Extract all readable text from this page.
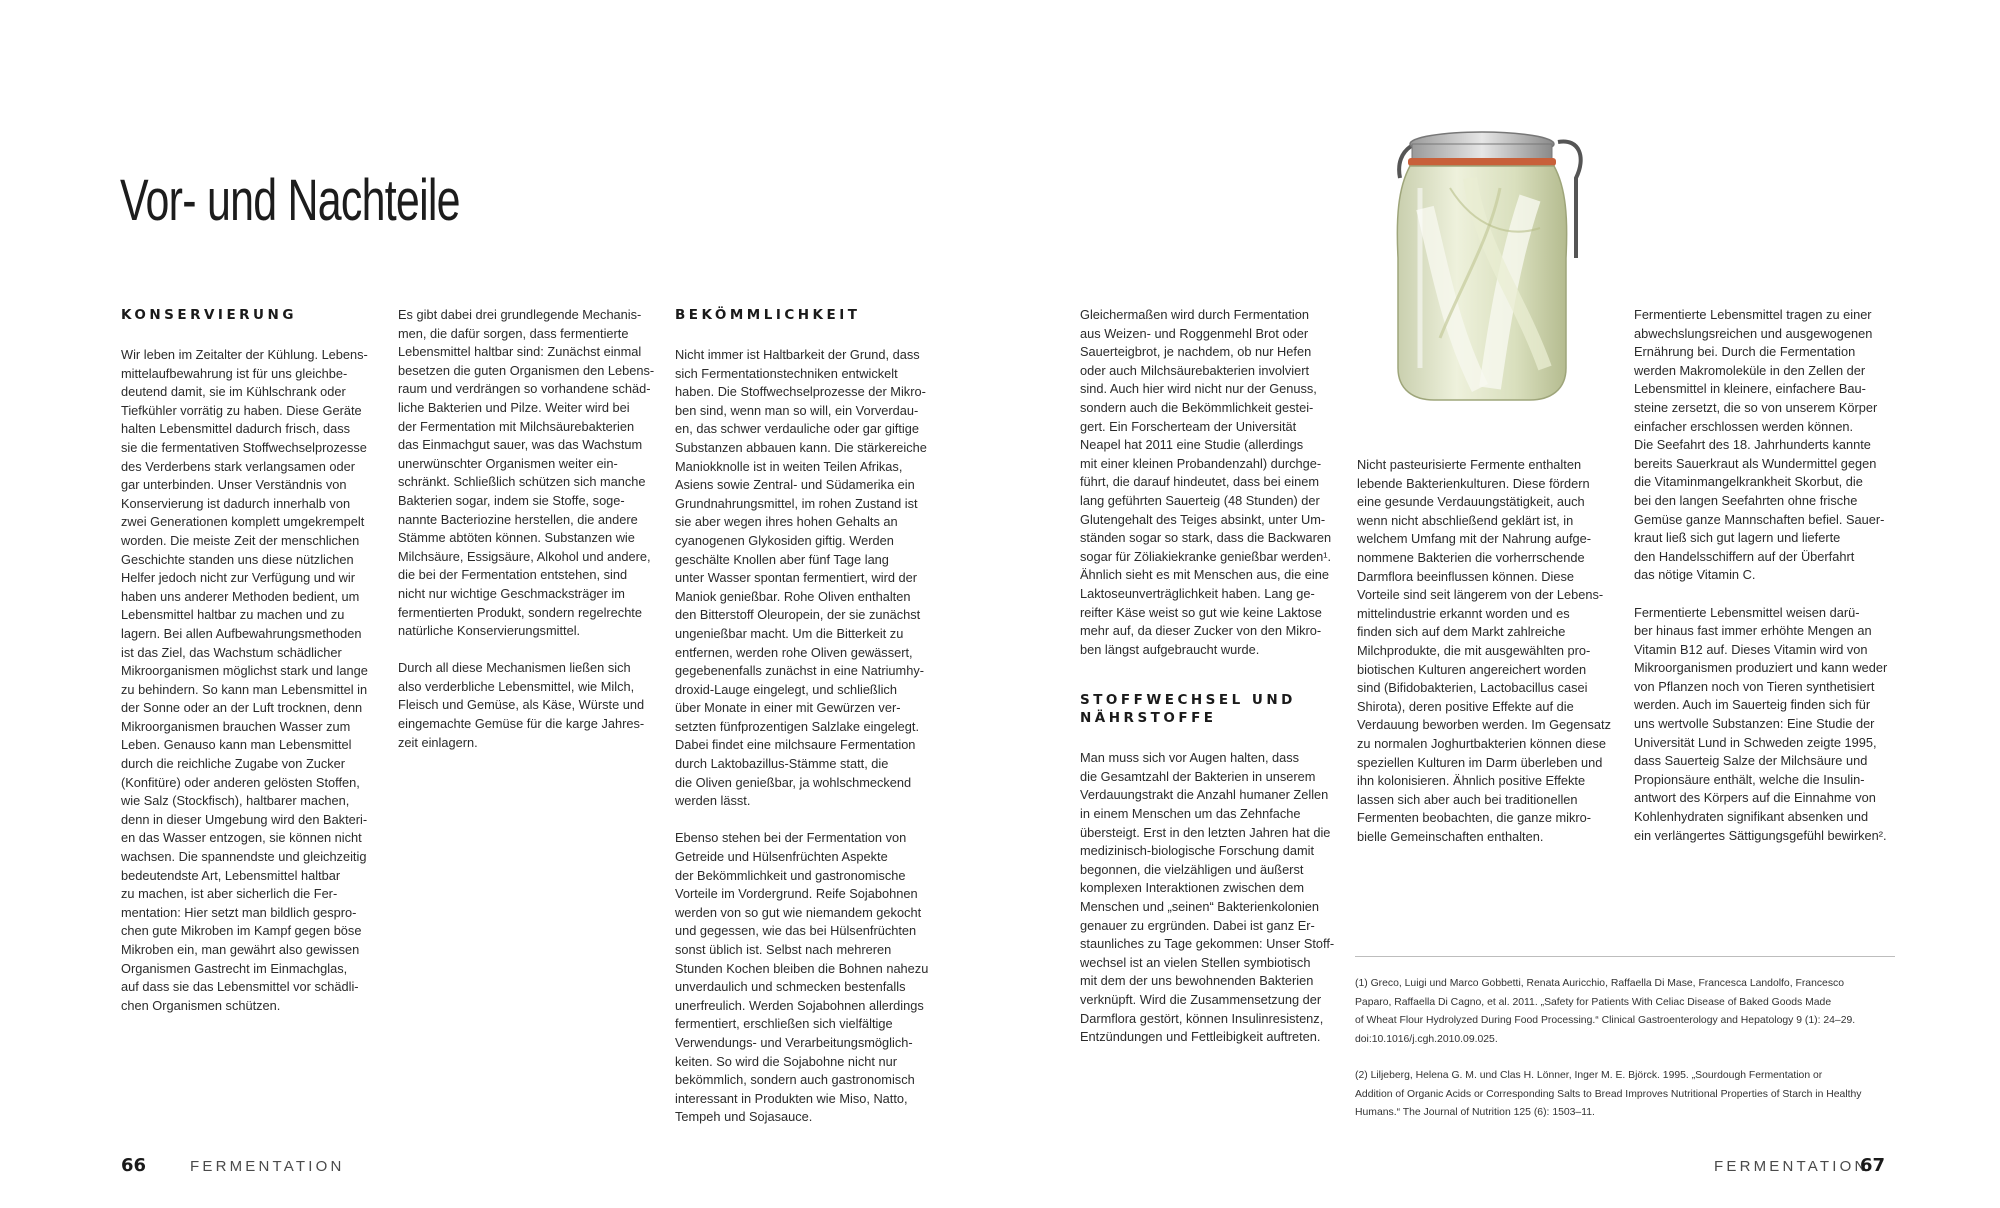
Vor- und Nachteile
KONSERVIERUNG

Wir leben im Zeitalter der Kühlung. Lebens-
mittelaufbewahrung ist für uns gleichbe-
deutend damit, sie im Kühlschrank oder
Tiefkühler vorrätig zu haben. Diese Geräte
halten Lebensmittel dadurch frisch, dass
sie die fermentativen Stoffwechselprozesse
des Verderbens stark verlangsamen oder
gar unterbinden. Unser Verständnis von
Konservierung ist dadurch innerhalb von
zwei Generationen komplett umgekrempelt
worden. Die meiste Zeit der menschlichen
Geschichte standen uns diese nützlichen
Helfer jedoch nicht zur Verfügung und wir
haben uns anderer Methoden bedient, um
Lebensmittel haltbar zu machen und zu
lagern. Bei allen Aufbewahrungsmethoden
ist das Ziel, das Wachstum schädlicher
Mikroorganismen möglichst stark und lange
zu behindern. So kann man Lebensmittel in
der Sonne oder an der Luft trocknen, denn
Mikroorganismen brauchen Wasser zum
Leben. Genauso kann man Lebensmittel
durch die reichliche Zugabe von Zucker
(Konfitüre) oder anderen gelösten Stoffen,
wie Salz (Stockfisch), haltbarer machen,
denn in dieser Umgebung wird den Bakteri-
en das Wasser entzogen, sie können nicht
wachsen. Die spannendste und gleichzeitig
bedeutendste Art, Lebensmittel haltbar
zu machen, ist aber sicherlich die Fer-
mentation: Hier setzt man bildlich gespro-
chen gute Mikroben im Kampf gegen böse
Mikroben ein, man gewährt also gewissen
Organismen Gastrecht im Einmachglas,
auf dass sie das Lebensmittel vor schädli-
chen Organismen schützen.

Es gibt dabei drei grundlegende Mechanis-
men, die dafür sorgen, dass fermentierte
Lebensmittel haltbar sind: Zunächst einmal
besetzen die guten Organismen den Lebens-
raum und verdrängen so vorhandene schäd-
liche Bakterien und Pilze. Weiter wird bei
der Fermentation mit Milchsäurebakterien
das Einmachgut sauer, was das Wachstum
unerwünschter Organismen weiter ein-
schränkt. Schließlich schützen sich manche
Bakterien sogar, indem sie Stoffe, soge-
nannte Bacteriozine herstellen, die andere
Stämme abtöten können. Substanzen wie
Milchsäure, Essigsäure, Alkohol und andere,
die bei der Fermentation entstehen, sind
nicht nur wichtige Geschmacksträger im
fermentierten Produkt, sondern regelrechte
natürliche Konservierungsmittel.

Durch all diese Mechanismen ließen sich
also verderbliche Lebensmittel, wie Milch,
Fleisch und Gemüse, als Käse, Würste und
eingemachte Gemüse für die karge Jahres-
zeit einlagern.

BEKÖMMLICHKEIT

Nicht immer ist Haltbarkeit der Grund, dass
sich Fermentationstechniken entwickelt
haben. Die Stoffwechselprozesse der Mikro-
ben sind, wenn man so will, ein Vorverdau-
en, das schwer verdauliche oder gar giftige
Substanzen abbauen kann. Die stärkereiche
Maniokknolle ist in weiten Teilen Afrikas,
Asiens sowie Zentral- und Südamerika ein
Grundnahrungsmittel, im rohen Zustand ist
sie aber wegen ihres hohen Gehalts an
cyanogenen Glykosiden giftig. Werden
geschälte Knollen aber fünf Tage lang
unter Wasser spontan fermentiert, wird der
Maniok genießbar. Rohe Oliven enthalten
den Bitterstoff Oleuropein, der sie zunächst
ungenießbar macht. Um die Bitterkeit zu
entfernen, werden rohe Oliven gewässert,
gegebenenfalls zunächst in eine Natriumhy-
droxid-Lauge eingelegt, und schließlich
über Monate in einer mit Gewürzen ver-
setzten fünfprozentigen Salzlake eingelegt.
Dabei findet eine milchsaure Fermentation
durch Laktobazillus-Stämme statt, die
die Oliven genießbar, ja wohlschmeckend
werden lässt.

Ebenso stehen bei der Fermentation von
Getreide und Hülsenfrüchten Aspekte
der Bekömmlichkeit und gastronomische
Vorteile im Vordergrund. Reife Sojabohnen
werden von so gut wie niemandem gekocht
und gegessen, wie das bei Hülsenfrüchten
sonst üblich ist. Selbst nach mehreren
Stunden Kochen bleiben die Bohnen nahezu
unverdaulich und schmecken bestenfalls
unerfreulich. Werden Sojabohnen allerdings
fermentiert, erschließen sich vielfältige
Verwendungs- und Verarbeitungsmöglich-
keiten. So wird die Sojabohne nicht nur
bekömmlich, sondern auch gastronomisch
interessant in Produkten wie Miso, Natto,
Tempeh und Sojasauce.

66	FERMENTATION

Gleichermaßen wird durch Fermentation
aus Weizen- und Roggenmehl Brot oder
Sauerteigbrot, je nachdem, ob nur Hefen
oder auch Milchsäurebakterien involviert
sind. Auch hier wird nicht nur der Genuss,
sondern auch die Bekömmlichkeit gestei-
gert. Ein Forscherteam der Universität
Neapel hat 2011 eine Studie (allerdings
mit einer kleinen Probandenzahl) durchge-
führt, die darauf hindeutet, dass bei einem
lang geführten Sauerteig (48 Stunden) der
Glutengehalt des Teiges absinkt, unter Um-
ständen sogar so stark, dass die Backwaren
sogar für Zöliakiekranke genießbar werden¹.
Ähnlich sieht es mit Menschen aus, die eine
Laktoseunverträglichkeit haben. Lang ge-
reifter Käse weist so gut wie keine Laktose
mehr auf, da dieser Zucker von den Mikro-
ben längst aufgebraucht wurde.

STOFFWECHSEL UND
NÄHRSTOFFE

Man muss sich vor Augen halten, dass
die Gesamtzahl der Bakterien in unserem
Verdauungstrakt die Anzahl humaner Zellen
in einem Menschen um das Zehnfache
übersteigt. Erst in den letzten Jahren hat die
medizinisch-biologische Forschung damit
begonnen, die vielzähligen und äußerst
komplexen Interaktionen zwischen dem
Menschen und „seinen“ Bakterienkolonien
genauer zu ergründen. Dabei ist ganz Er-
staunliches zu Tage gekommen: Unser Stoff-
wechsel ist an vielen Stellen symbiotisch
mit dem der uns bewohnenden Bakterien
verknüpft. Wird die Zusammensetzung der
Darmflora gestört, können Insulinresistenz,
Entzündungen und Fettleibigkeit auftreten.

Nicht pasteurisierte Fermente enthalten
lebende Bakterienkulturen. Diese fördern
eine gesunde Verdauungstätigkeit, auch
wenn nicht abschließend geklärt ist, in
welchem Umfang mit der Nahrung aufge-
nommene Bakterien die vorherrschende
Darmflora beeinflussen können. Diese
Vorteile sind seit längerem von der Lebens-
mittelindustrie erkannt worden und es
finden sich auf dem Markt zahlreiche
Milchprodukte, die mit ausgewählten pro-
biotischen Kulturen angereichert worden
sind (Bifidobakterien, Lactobacillus casei
Shirota), deren positive Effekte auf die
Verdauung beworben werden. Im Gegensatz
zu normalen Joghurtbakterien können diese
speziellen Kulturen im Darm überleben und
ihn kolonisieren. Ähnlich positive Effekte
lassen sich aber auch bei traditionellen
Fermenten beobachten, die ganze mikro-
bielle Gemeinschaften enthalten.

Fermentierte Lebensmittel tragen zu einer
abwechslungsreichen und ausgewogenen
Ernährung bei. Durch die Fermentation
werden Makromoleküle in den Zellen der
Lebensmittel in kleinere, einfachere Bau-
steine zersetzt, die so von unserem Körper
einfacher erschlossen werden können.
Die Seefahrt des 18. Jahrhunderts kannte
bereits Sauerkraut als Wundermittel gegen
die Vitaminmangelkrankheit Skorbut, die
bei den langen Seefahrten ohne frische
Gemüse ganze Mannschaften befiel. Sauer-
kraut ließ sich gut lagern und lieferte
den Handelsschiffern auf der Überfahrt
das nötige Vitamin C.

Fermentierte Lebensmittel weisen darü-
ber hinaus fast immer erhöhte Mengen an
Vitamin B12 auf. Dieses Vitamin wird von
Mikroorganismen produziert und kann weder
von Pflanzen noch von Tieren synthetisiert
werden. Auch im Sauerteig finden sich für
uns wertvolle Substanzen: Eine Studie der
Universität Lund in Schweden zeigte 1995,
dass Sauerteig Salze der Milchsäure und
Propionsäure enthält, welche die Insulin-
antwort des Körpers auf die Einnahme von
Kohlenhydraten signifikant absenken und
ein verlängertes Sättigungsgefühl bewirken².

(1) Greco, Luigi und Marco Gobbetti, Renata Auricchio, Raffaella Di Mase, Francesca Landolfo, Francesco
Paparo, Raffaella Di Cagno, et al. 2011. „Safety for Patients With Celiac Disease of Baked Goods Made
of Wheat Flour Hydrolyzed During Food Processing.“ Clinical Gastroenterology and Hepatology 9 (1): 24–29.
doi:10.1016/j.cgh.2010.09.025.

(2) Liljeberg, Helena G. M. und Clas H. Lönner, Inger M. E. Björck. 1995. „Sourdough Fermentation or
Addition of Organic Acids or Corresponding Salts to Bread Improves Nutritional Properties of Starch in Healthy
Humans.“ The Journal of Nutrition 125 (6): 1503–11.

FERMENTATION
67
